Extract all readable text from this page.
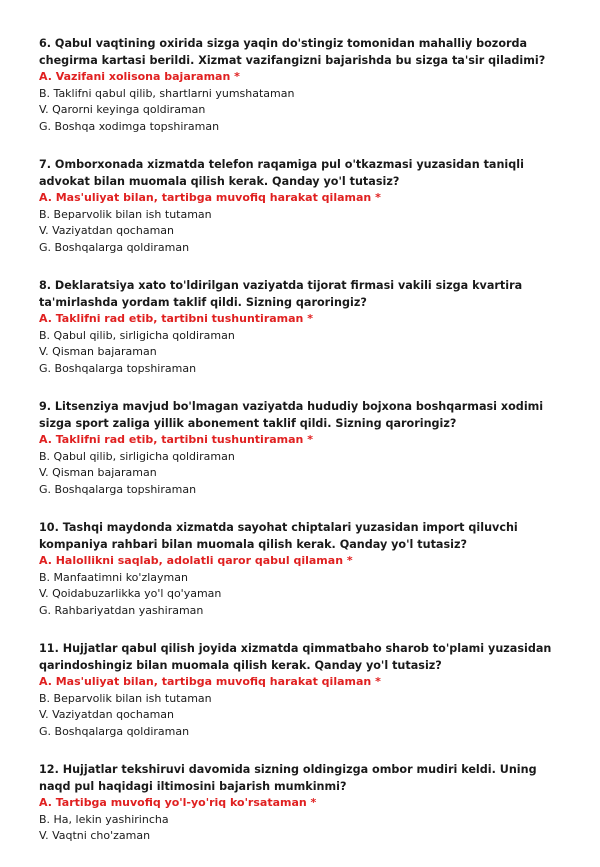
6. Qabul vaqtining oxirida sizga yaqin do'stingiz tomonidan mahalliy bozorda chegirma kartasi berildi. Xizmat vazifangizni bajarishda bu sizga ta'sir qiladimi?

A. Vazifani xolisona bajaraman *

B. Taklifni qabul qilib, shartlarni yumshataman

V. Qarorni keyinga qoldiraman

G. Boshqa xodimga topshiraman

7. Omborxonada xizmatda telefon raqamiga pul o'tkazmasi yuzasidan taniqli advokat bilan muomala qilish kerak. Qanday yo'l tutasiz?

A. Mas'uliyat bilan, tartibga muvofiq harakat qilaman *

B. Beparvolik bilan ish tutaman

V. Vaziyatdan qochaman

G. Boshqalarga qoldiraman

8. Deklaratsiya xato to'ldirilgan vaziyatda tijorat firmasi vakili sizga kvartira ta'mirlashda yordam taklif qildi. Sizning qaroringiz?

A. Taklifni rad etib, tartibni tushuntiraman *

B. Qabul qilib, sirligicha qoldiraman

V. Qisman bajaraman

G. Boshqalarga topshiraman

9. Litsenziya mavjud bo'lmagan vaziyatda hududiy bojxona boshqarmasi xodimi sizga sport zaliga yillik abonement taklif qildi. Sizning qaroringiz?

A. Taklifni rad etib, tartibni tushuntiraman *

B. Qabul qilib, sirligicha qoldiraman

V. Qisman bajaraman

G. Boshqalarga topshiraman

10. Tashqi maydonda xizmatda sayohat chiptalari yuzasidan import qiluvchi kompaniya rahbari bilan muomala qilish kerak. Qanday yo'l tutasiz?

A. Halollikni saqlab, adolatli qaror qabul qilaman *

B. Manfaatimni ko'zlayman

V. Qoidabuzarlikka yo'l qo'yaman

G. Rahbariyatdan yashiraman

11. Hujjatlar qabul qilish joyida xizmatda qimmatbaho sharob to'plami yuzasidan qarindoshingiz bilan muomala qilish kerak. Qanday yo'l tutasiz?

A. Mas'uliyat bilan, tartibga muvofiq harakat qilaman *

B. Beparvolik bilan ish tutaman

V. Vaziyatdan qochaman

G. Boshqalarga qoldiraman

12. Hujjatlar tekshiruvi davomida sizning oldingizga ombor mudiri keldi. Uning naqd pul haqidagi iltimosini bajarish mumkinmi?

A. Tartibga muvofiq yo'l-yo'riq ko'rsataman *

B. Ha, lekin yashirincha

V. Vaqtni cho'zaman
